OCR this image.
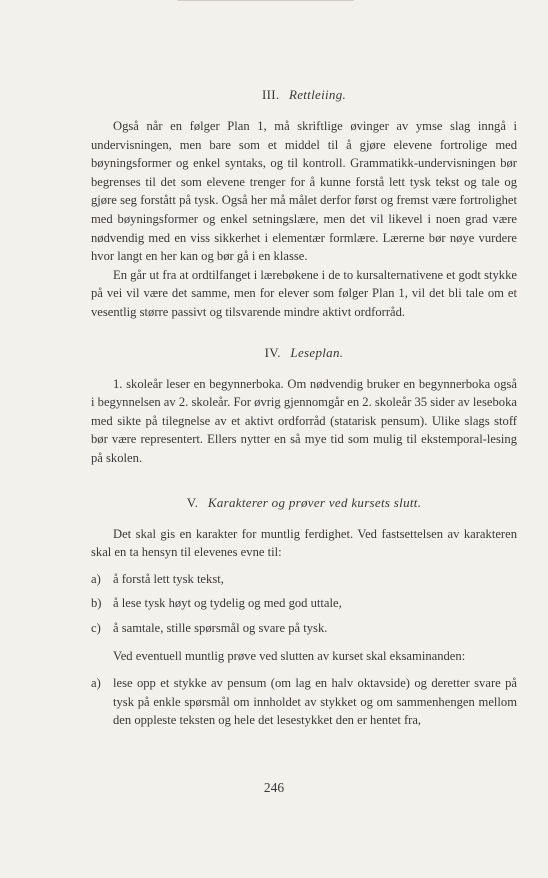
III. Rettleiing.

Også når en følger Plan 1, må skriftlige øvinger av ymse slag inngå i undervisningen, men bare som et middel til å gjøre elevene fortrolige med bøyningsformer og enkel syntaks, og til kontroll. Grammatikk-undervisningen bør begrenses til det som elevene trenger for å kunne forstå lett tysk tekst og tale og gjøre seg forstått på tysk. Også her må målet derfor først og fremst være fortrolighet med bøyningsformer og enkel setningslære, men det vil likevel i noen grad være nødvendig med en viss sikkerhet i elementær formlære. Lærerne bør nøye vurdere hvor langt en her kan og bør gå i en klasse.

En går ut fra at ordtilfanget i lærebøkene i de to kursalternativene et godt stykke på vei vil være det samme, men for elever som følger Plan 1, vil det bli tale om et vesentlig større passivt og tilsvarende mindre aktivt ordforråd.

IV. Leseplan.

1. skoleår leser en begynnerboka. Om nødvendig bruker en begynnerboka også i begynnelsen av 2. skoleår. For øvrig gjennomgår en 2. skoleår 35 sider av leseboka med sikte på tilegnelse av et aktivt ordforråd (statarisk pensum). Ulike slags stoff bør være representert. Ellers nytter en så mye tid som mulig til ekstemporal-lesing på skolen.

V. Karakterer og prøver ved kursets slutt.

Det skal gis en karakter for muntlig ferdighet. Ved fastsettelsen av karakteren skal en ta hensyn til elevenes evne til:

a) å forstå lett tysk tekst,
b) å lese tysk høyt og tydelig og med god uttale,
c) å samtale, stille spørsmål og svare på tysk.

Ved eventuell muntlig prøve ved slutten av kurset skal eksaminanden:

a) lese opp et stykke av pensum (om lag en halv oktavside) og deretter svare på tysk på enkle spørsmål om innholdet av stykket og om sammenhengen mellom den oppleste teksten og hele det lesestykket den er hentet fra,
246
